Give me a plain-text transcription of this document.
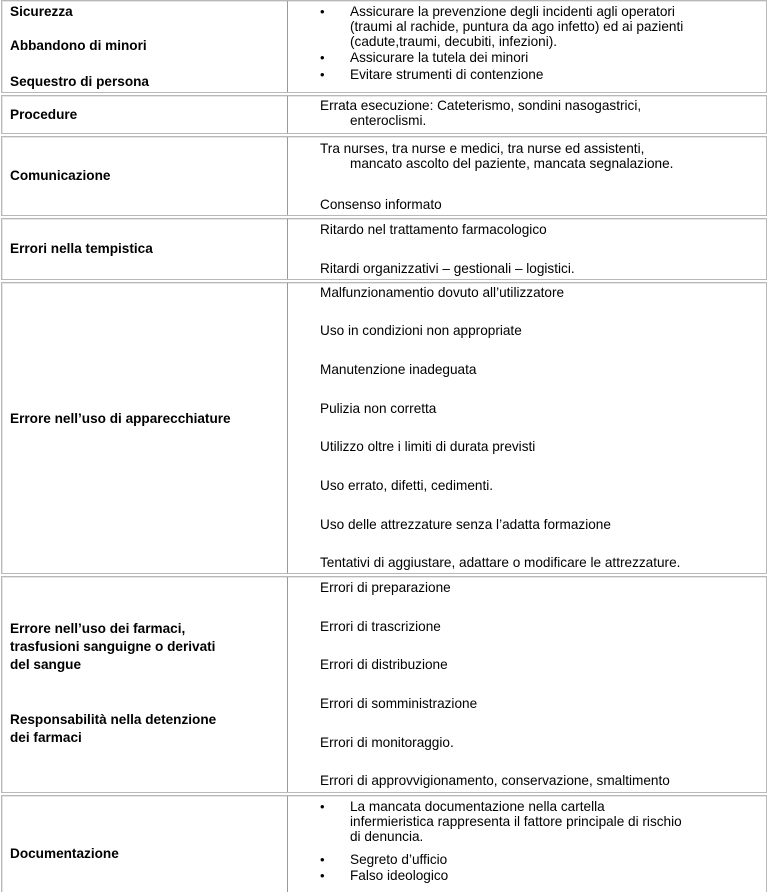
Sicurezza
Abbandono di minori
Sequestro di persona
• Assicurare la prevenzione degli incidenti agli operatori
(traumi al rachide, puntura da ago infetto) ed ai pazienti
(cadute,traumi, decubiti, infezioni).
• Assicurare la tutela dei minori
• Evitare strumenti di contenzione
Procedure
Errata esecuzione: Cateterismo, sondini nasogastrici,
enteroclismi.
Comunicazione
Tra nurses, tra nurse e medici, tra nurse ed assistenti,
mancato ascolto del paziente, mancata segnalazione.
Consenso informato
Errori nella tempistica
Ritardo nel trattamento farmacologico
Ritardi organizzativi – gestionali – logistici.
Errore nell’uso di apparecchiature
Malfunzionamentio dovuto all’utilizzatore
Uso in condizioni non appropriate
Manutenzione inadeguata
Pulizia non corretta
Utilizzo oltre i limiti di durata previsti
Uso errato, difetti, cedimenti.
Uso delle attrezzature senza l’adatta formazione
Tentativi di aggiustare, adattare o modificare le attrezzature.
Errore nell’uso dei farmaci,
trasfusioni sanguigne o derivati
del sangue
Responsabilità nella detenzione
dei farmaci
Errori di preparazione
Errori di trascrizione
Errori di distribuzione
Errori di somministrazione
Errori di monitoraggio.
Errori di approvvigionamento, conservazione, smaltimento
Documentazione
• La mancata documentazione nella cartella
infermieristica rappresenta il fattore principale di rischio
di denuncia.
• Segreto d’ufficio
• Falso ideologico
